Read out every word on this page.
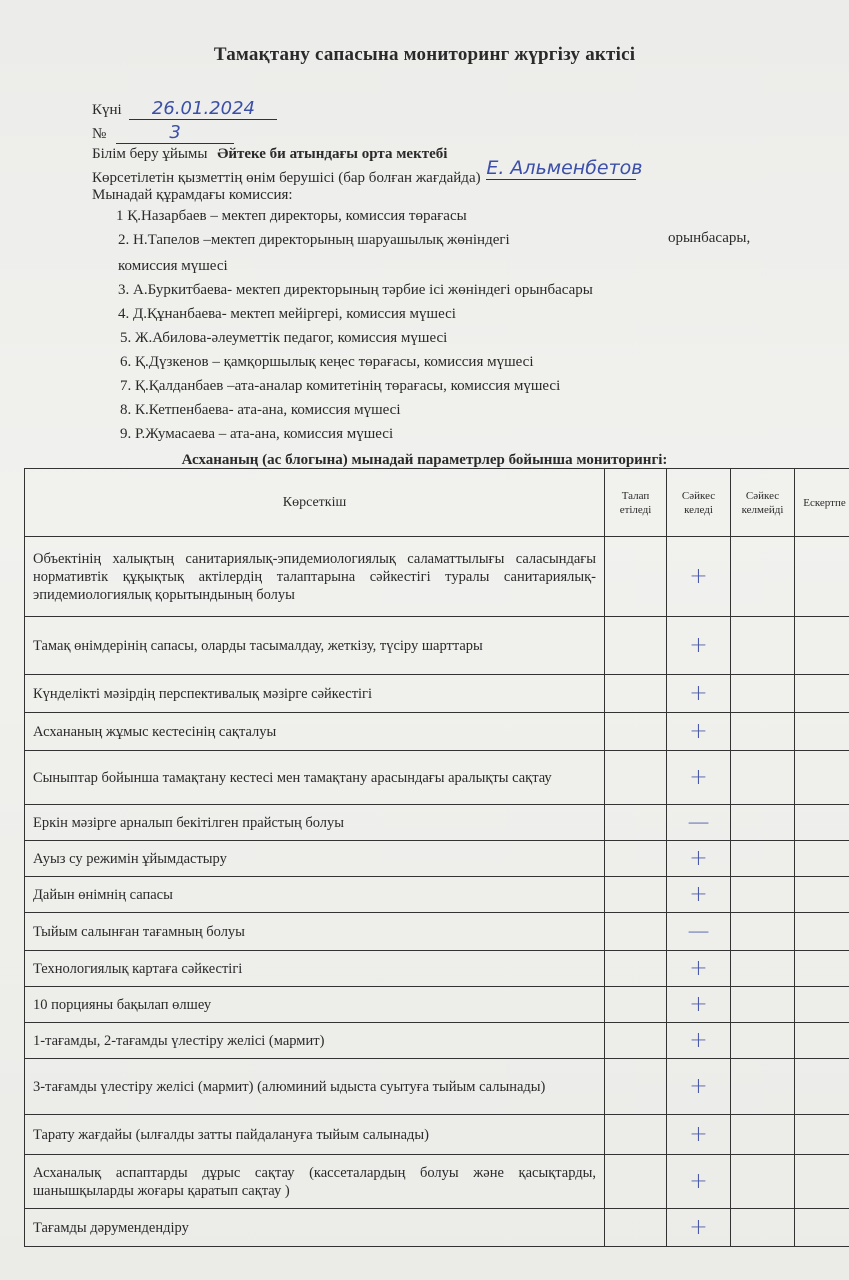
Тамақтану сапасына мониторинг жүргізу актісі
Күні 26.01.2024
№	3
Білім беру ұйымы Әйтеке би атындағы орта мектебі
Көрсетілетін қызметтің өнім берушісі (бар болған жағдайда) Е. Альменбетов
Мынадай құрамдағы комиссия:
1 Қ.Назарбаев – мектеп директоры, комиссия төрағасы
2. Н.Тапелов –мектеп директорының шаруашылық жөніндегі	орынбасары,
комиссия мүшесі
3. А.Буркитбаева- мектеп директорының тәрбие ісі жөніндегі орынбасары
4. Д.Құнанбаева- мектеп мейіргері, комиссия мүшесі
5. Ж.Абилова-әлеуметтік педагог, комиссия мүшесі
6. Қ.Дүзкенов – қамқоршылық кеңес төрағасы, комиссия мүшесі
7. Қ.Қалданбаев –ата-аналар комитетінің төрағасы, комиссия мүшесі
8. К.Кетпенбаева- ата-ана, комиссия мүшесі
9. Р.Жумасаева – ата-ана, комиссия мүшесі
Асхананың (ас блогына) мынадай параметрлер бойынша мониторингі:
Көрсеткіш	Талап етіледі	Сәйкес келеді	Сәйкес келмейді	Ескертпе
Объектінің халықтың санитариялық-эпидемиологиялық саламаттылығы саласындағы нормативтік құқықтық актілердің талаптарына сәйкестігі туралы санитариялық-эпидемиологиялық қорытындының болуы		+		
Тамақ өнімдерінің сапасы, оларды тасымалдау, жеткізу, түсіру шарттары		+		
Күнделікті мәзірдің перспективалық мәзірге сәйкестігі		+		
Асхананың жұмыс кестесінің сақталуы		+		
Сыныптар бойынша тамақтану кестесі мен тамақтану арасындағы аралықты сақтау		+		
Еркін мәзірге арналып бекітілген прайстың болуы		—		
Ауыз су режимін ұйымдастыру		+		
Дайын өнімнің сапасы		+		
Тыйым салынған тағамның болуы		—		
Технологиялық картаға сәйкестігі		+		
10 порцияны бақылап өлшеу		+		
1-тағамды, 2-тағамды үлестіру желісі (мармит)		+		
3-тағамды үлестіру желісі (мармит) (алюминий ыдыста суытуға тыйым салынады)		+		
Тарату жағдайы (ылғалды затты пайдалануға тыйым салынады)		+		
Асханалық аспаптарды дұрыс сақтау (кассеталардың болуы және қасықтарды, шанышқыларды жоғары қаратып сақтау )		+		
Тағамды дәрумендендіру		+		
